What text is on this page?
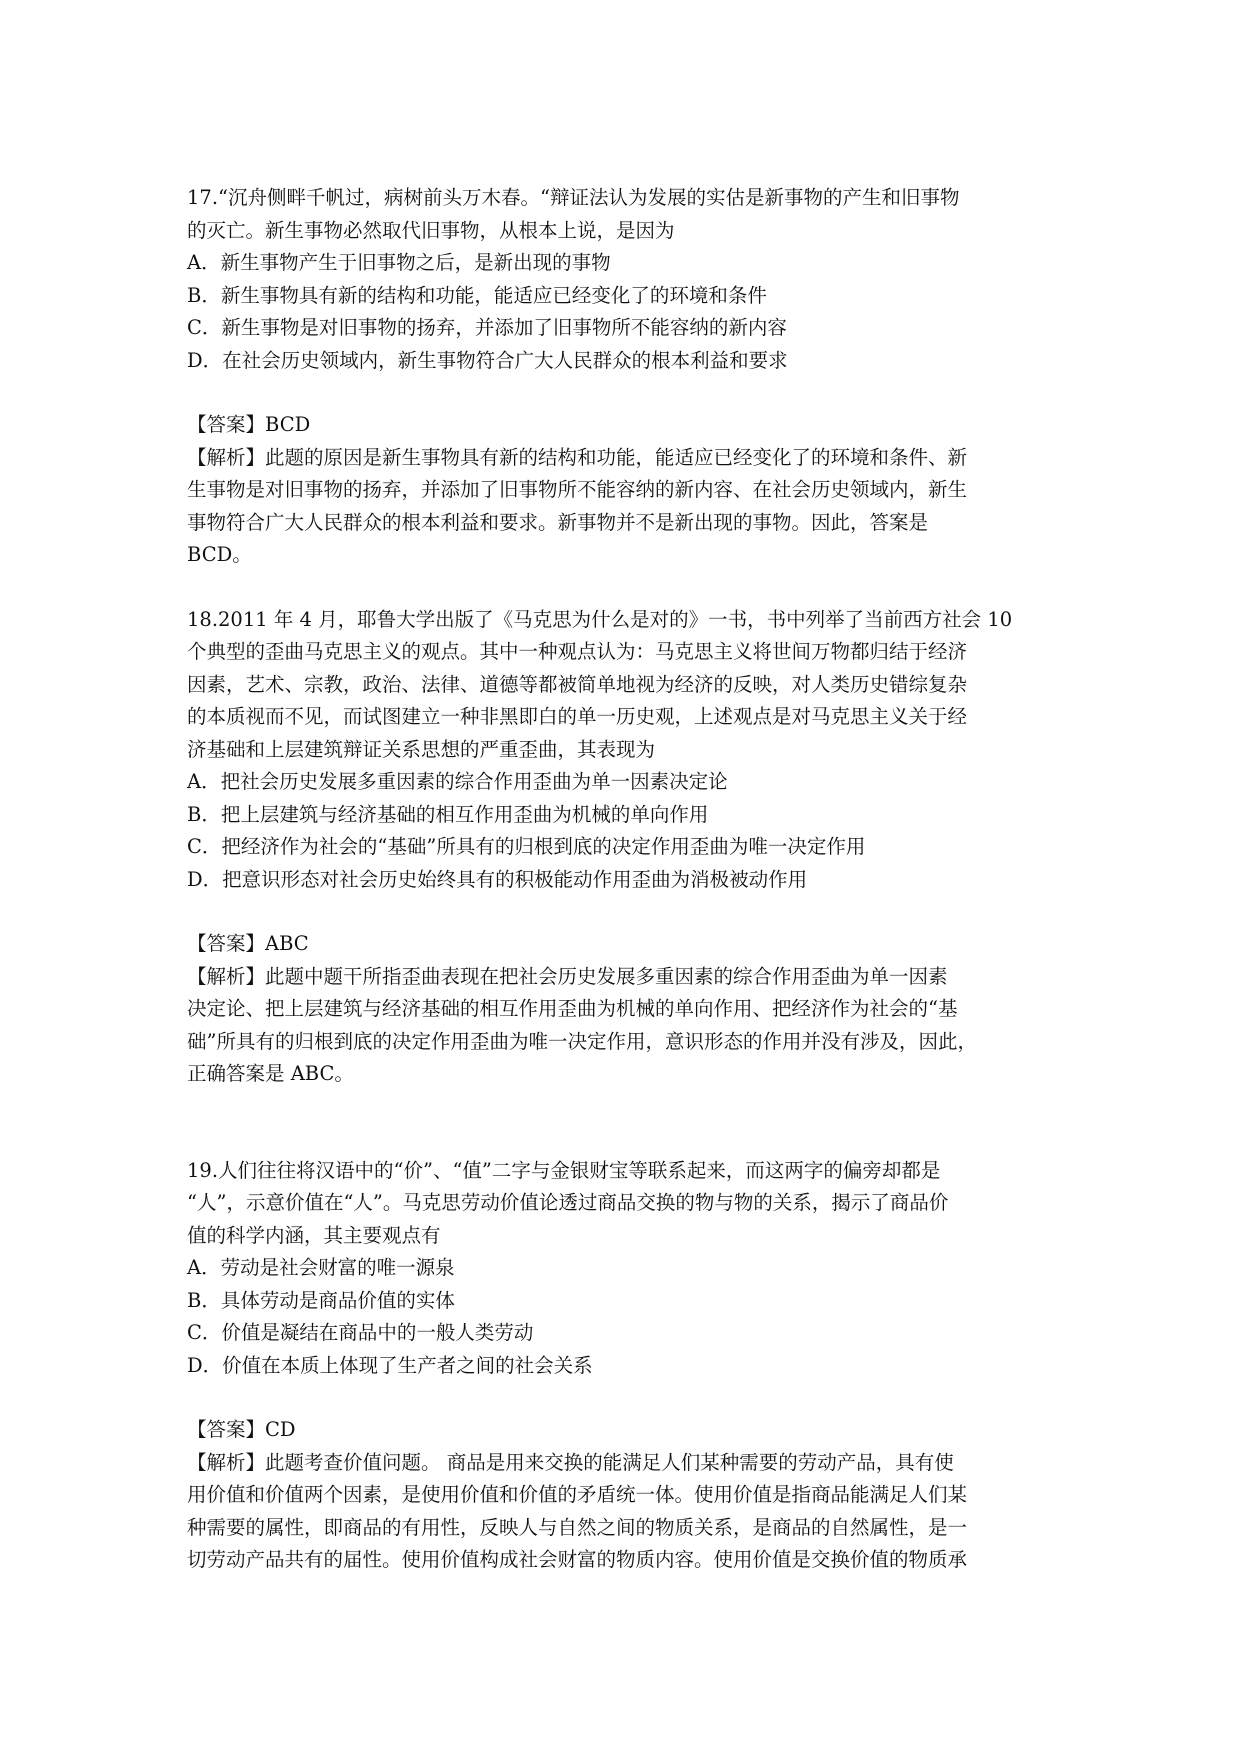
17.“沉舟侧畔千帆过，病树前头万木春。“辩证法认为发展的实估是新事物的产生和旧事物
的灭亡。新生事物必然取代旧事物，从根本上说，是因为
A．新生事物产生于旧事物之后，是新出现的事物
B．新生事物具有新的结构和功能，能适应已经变化了的环境和条件
C．新生事物是对旧事物的扬弃，并添加了旧事物所不能容纳的新内容
D．在社会历史领域内，新生事物符合广大人民群众的根本利益和要求
【答案】BCD
【解析】此题的原因是新生事物具有新的结构和功能，能适应已经变化了的环境和条件、新
生事物是对旧事物的扬弃，并添加了旧事物所不能容纳的新内容、在社会历史领域内，新生
事物符合广大人民群众的根本利益和要求。新事物并不是新出现的事物。因此，答案是
BCD。
18.2011 年 4 月，耶鲁大学出版了《马克思为什么是对的》一书，书中列举了当前西方社会 10
个典型的歪曲马克思主义的观点。其中一种观点认为：马克思主义将世间万物都归结于经济
因素，艺术、宗教，政治、法律、道德等都被简单地视为经济的反映，对人类历史错综复杂
的本质视而不见，而试图建立一种非黑即白的单一历史观，上述观点是对马克思主义关于经
济基础和上层建筑辩证关系思想的严重歪曲，其表现为
A．把社会历史发展多重因素的综合作用歪曲为单一因素决定论
B．把上层建筑与经济基础的相互作用歪曲为机械的单向作用
C．把经济作为社会的“基础”所具有的归根到底的决定作用歪曲为唯一决定作用
D．把意识形态对社会历史始终具有的积极能动作用歪曲为消极被动作用
【答案】ABC
【解析】此题中题干所指歪曲表现在把社会历史发展多重因素的综合作用歪曲为单一因素
决定论、把上层建筑与经济基础的相互作用歪曲为机械的单向作用、把经济作为社会的“基
础”所具有的归根到底的决定作用歪曲为唯一决定作用，意识形态的作用并没有涉及，因此，
正确答案是 ABC。
19.人们往往将汉语中的“价”、“值”二字与金银财宝等联系起来，而这两字的偏旁却都是
“人”，示意价值在“人”。马克思劳动价值论透过商品交换的物与物的关系，揭示了商品价
值的科学内涵，其主要观点有
A．劳动是社会财富的唯一源泉
B．具体劳动是商品价值的实体
C．价值是凝结在商品中的一般人类劳动
D．价值在本质上体现了生产者之间的社会关系
【答案】CD
【解析】此题考查价值问题。 商品是用来交换的能满足人们某种需要的劳动产品，具有使
用价值和价值两个因素，是使用价值和价值的矛盾统一体。使用价值是指商品能满足人们某
种需要的属性，即商品的有用性，反映人与自然之间的物质关系，是商品的自然属性，是一
切劳动产品共有的届性。使用价值构成社会财富的物质内容。使用价值是交换价值的物质承
